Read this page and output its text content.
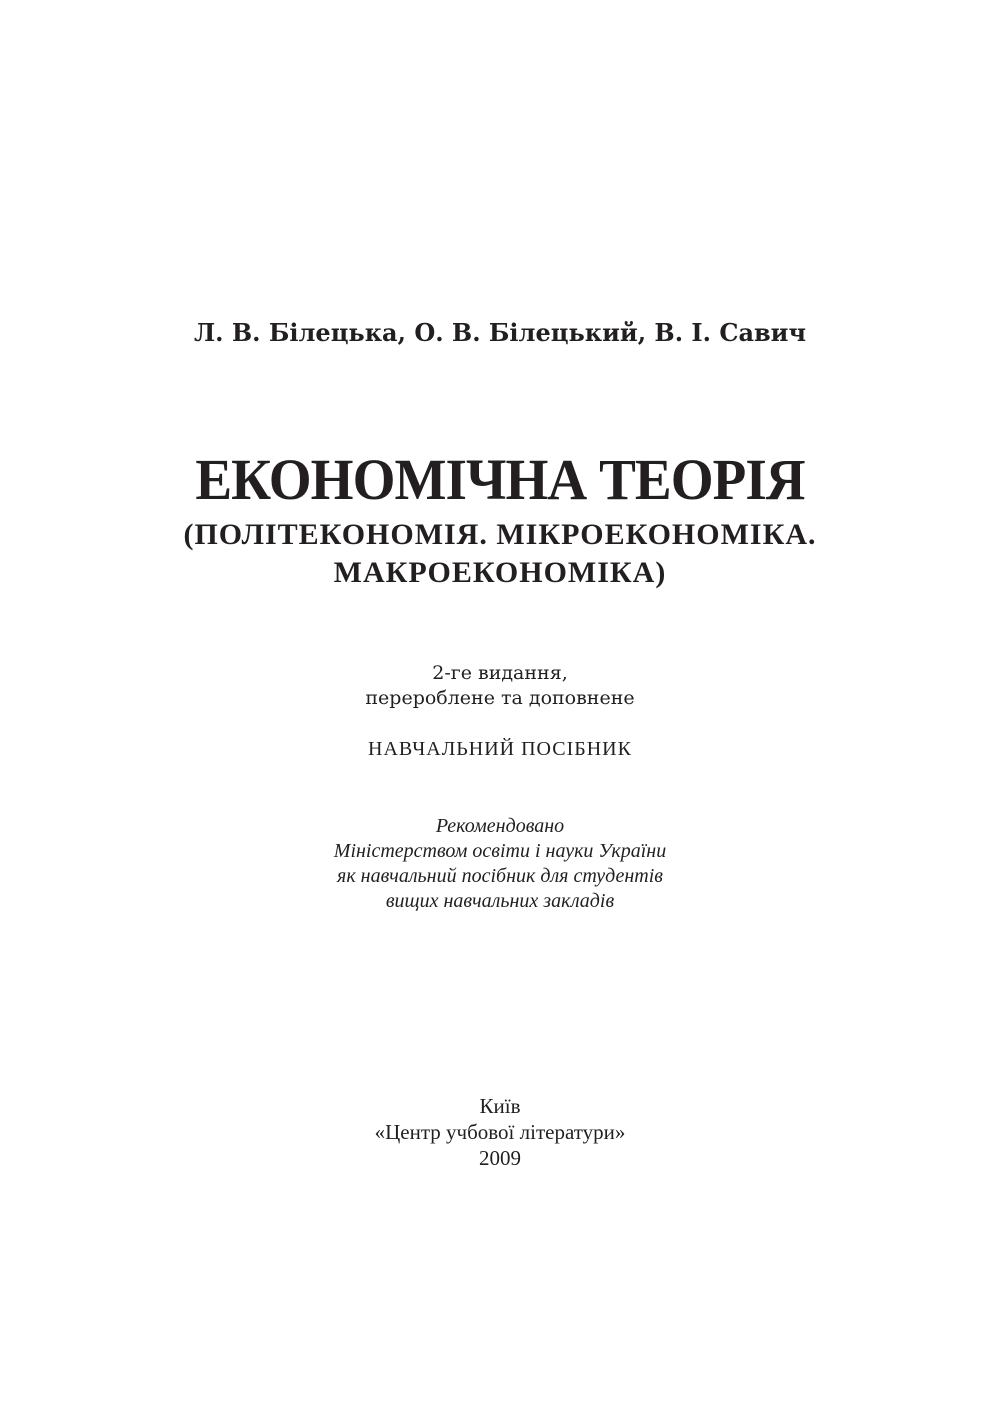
Л. В. Білецька, О. В. Білецький, В. І. Савич
ЕКОНОМІЧНА ТЕОРІЯ
(ПОЛІТЕКОНОМІЯ. МІКРОЕКОНОМІКА.
МАКРОЕКОНОМІКА)
2-ге видання,
перероблене та доповнене
НАВЧАЛЬНИЙ ПОСІБНИК
Рекомендовано
Міністерством освіти і науки України
як навчальний посібник для студентів
вищих навчальних закладів
Київ
«Центр учбової літератури»
2009
